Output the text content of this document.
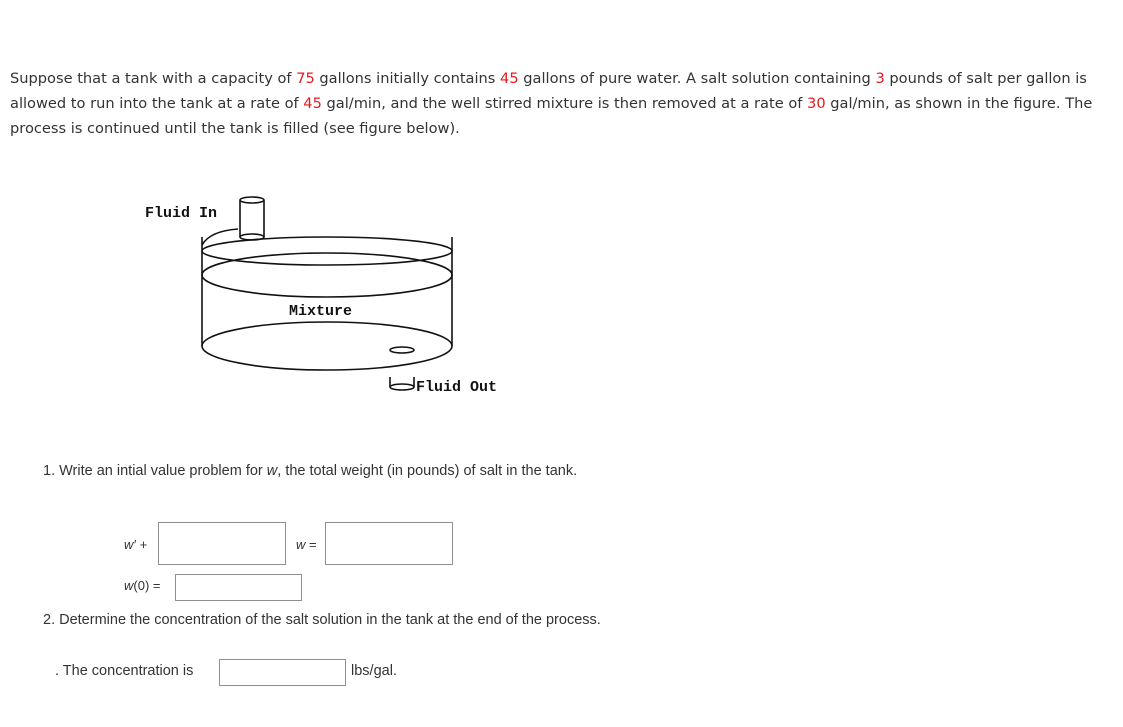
Suppose that a tank with a capacity of 75 gallons initially contains 45 gallons of pure water. A salt solution containing 3 pounds of salt per gallon is allowed to run into the tank at a rate of 45 gal/min, and the well stirred mixture is then removed at a rate of 30 gal/min, as shown in the figure. The process is continued until the tank is filled (see figure below).
Fluid In
Mixture
Fluid Out
1. Write an intial value problem for w, the total weight (in pounds) of salt in the tank.
w′ +	w =
w(0) =
2. Determine the concentration of the salt solution in the tank at the end of the process.
. The concentration is	lbs/gal.
